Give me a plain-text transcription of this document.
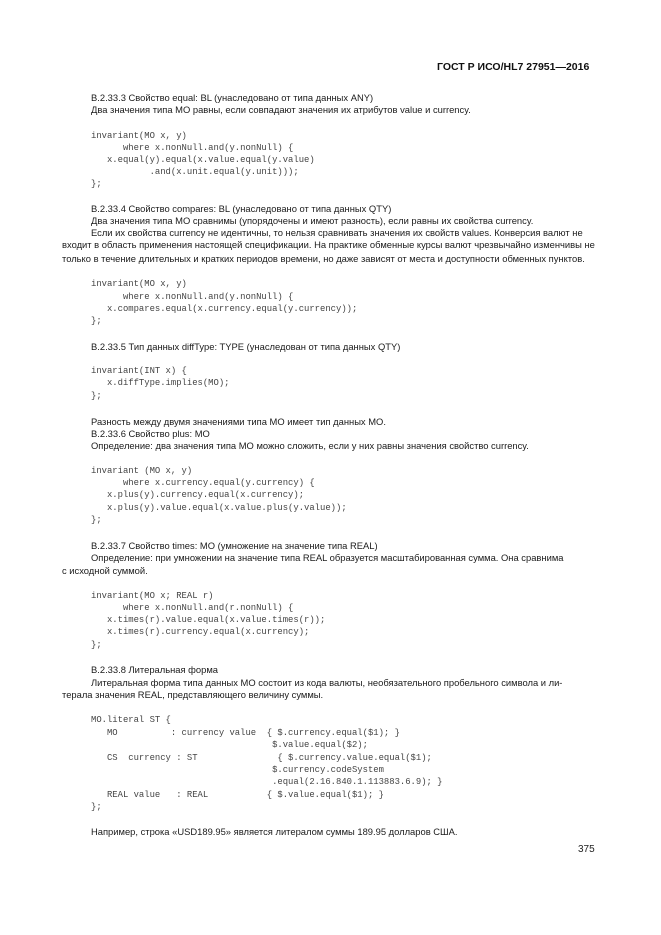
ГОСТ Р ИСО/HL7 27951—2016
В.2.33.3 Свойство equal: BL (унаследовано от типа данных ANY)
Два значения типа МО равны, если совпадают значения их атрибутов value и currency.
invariant(MO x, y)
where x.nonNull.and(y.nonNull) {
x.equal(y).equal(x.value.equal(y.value)
.and(x.unit.equal(y.unit)));
};
В.2.33.4 Свойство compares: BL (унаследовано от типа данных QTY)
Два значения типа МО сравнимы (упорядочены и имеют разность), если равны их свойства currency.
Если их свойства currency не идентичны, то нельзя сравнивать значения их свойств values. Конверсия валют не
входит в область применения настоящей спецификации. На практике обменные курсы валют чрезвычайно изменчивы не
только в течение длительных и кратких периодов времени, но даже зависят от места и доступности обменных пунктов.
invariant(MO x, y)
where x.nonNull.and(y.nonNull) {
x.compares.equal(x.currency.equal(y.currency));
};
В.2.33.5 Тип данных diffType: TYPE (унаследован от типа данных QTY)
invariant(INT x) {
x.diffType.implies(MO);
};
Разность между двумя значениями типа МО имеет тип данных МО.
В.2.33.6 Свойство plus: МО
Определение: два значения типа МО можно сложить, если у них равны значения свойство currency.
invariant (MO x, y)
where x.currency.equal(y.currency) {
x.plus(y).currency.equal(x.currency);
x.plus(y).value.equal(x.value.plus(y.value));
};
В.2.33.7 Свойство times: МО (умножение на значение типа REAL)
Определение: при умножении на значение типа REAL образуется масштабированная сумма. Она сравнима
с исходной суммой.
invariant(MO x; REAL r)
where x.nonNull.and(r.nonNull) {
x.times(r).value.equal(x.value.times(r));
x.times(r).currency.equal(x.currency);
};
В.2.33.8 Литеральная форма
Литеральная форма типа данных МО состоит из кода валюты, необязательного пробельного символа и ли-
терала значения REAL, представляющего величину суммы.
MO.literal ST {
MO          : currency value  { $.currency.equal($1); }
$.value.equal($2);
CS  currency : ST               { $.currency.value.equal($1);
$.currency.codeSystem
.equal(2.16.840.1.113883.6.9); }
REAL value   : REAL           { $.value.equal($1); }
};
Например, строка «USD189.95» является литералом суммы 189.95 долларов США.
375
